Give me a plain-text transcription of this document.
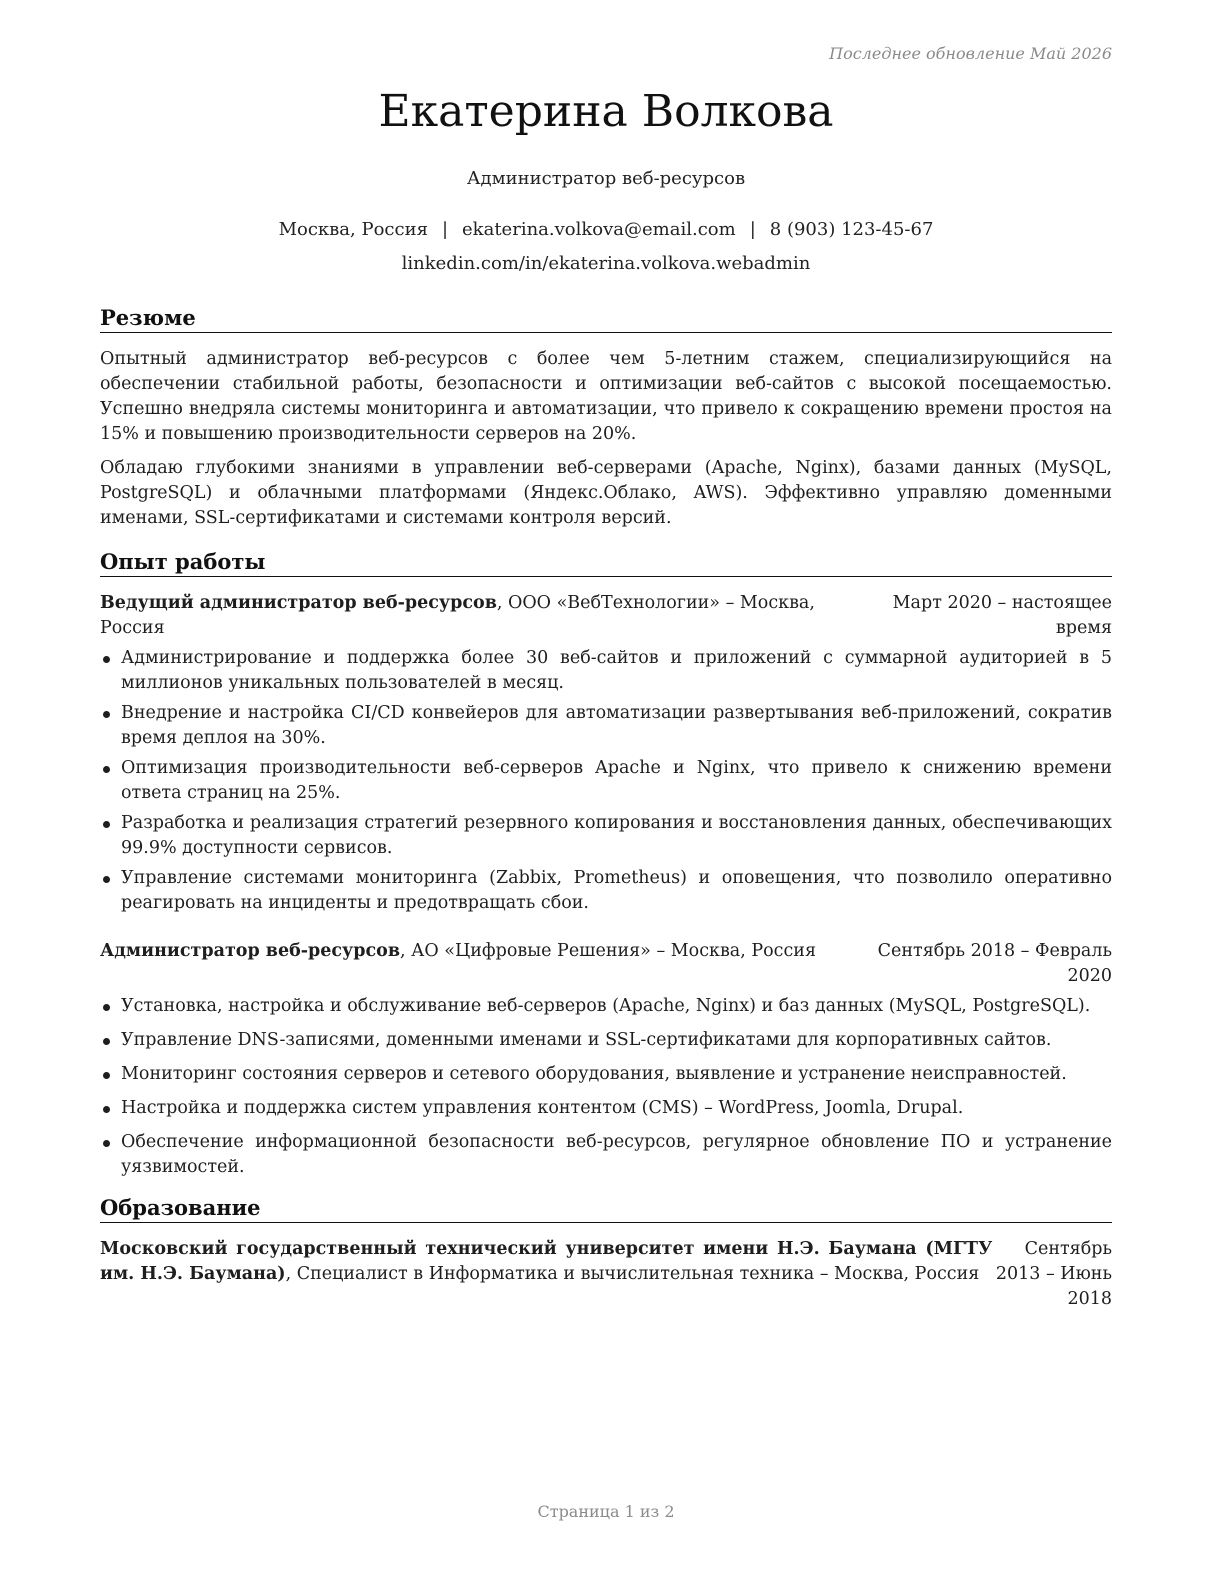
Последнее обновление Май 2026
Екатерина Волкова
Администратор веб-ресурсов
Москва, Россия | ekaterina.volkova@email.com | 8 (903) 123-45-67
linkedin.com/in/ekaterina.volkova.webadmin
Резюме

Опытный администратор веб-ресурсов с более чем 5-летним стажем, специализирующийся на обеспечении стабильной работы, безопасности и оптимизации веб-сайтов с высокой посещаемостью. Успешно внедряла системы мониторинга и автоматизации, что привело к сокращению времени простоя на 15% и повышению производительности серверов на 20%.

Обладаю глубокими знаниями в управлении веб-серверами (Apache, Nginx), базами данных (MySQL, PostgreSQL) и облачными платформами (Яндекс.Облако, AWS). Эффективно управляю доменными именами, SSL-сертификатами и системами контроля версий.

Опыт работы
Ведущий администратор веб-ресурсов, ООО «ВебТехнологии» – Москва, Россия
Март 2020 – настоящее время
Администрирование и поддержка более 30 веб-сайтов и приложений с суммарной аудиторией в 5 миллионов уникальных пользователей в месяц.
Внедрение и настройка CI/CD конвейеров для автоматизации развертывания веб-приложений, сократив время деплоя на 30%.
Оптимизация производительности веб-серверов Apache и Nginx, что привело к снижению времени ответа страниц на 25%.
Разработка и реализация стратегий резервного копирования и восстановления данных, обеспечивающих 99.9% доступности сервисов.
Управление системами мониторинга (Zabbix, Prometheus) и оповещения, что позволило оперативно реагировать на инциденты и предотвращать сбои.
Администратор веб-ресурсов, АО «Цифровые Решения» – Москва, Россия	Сентябрь 2018 – Февраль 2020
Установка, настройка и обслуживание веб-серверов (Apache, Nginx) и баз данных (MySQL, PostgreSQL).
Управление DNS-записями, доменными именами и SSL-сертификатами для корпоративных сайтов.
Мониторинг состояния серверов и сетевого оборудования, выявление и устранение неисправностей.
Настройка и поддержка систем управления контентом (CMS) – WordPress, Joomla, Drupal.
Обеспечение информационной безопасности веб-ресурсов, регулярное обновление ПО и устранение уязвимостей.
Образование
Московский государственный технический университет имени Н.Э. Баумана (МГТУ им. Н.Э. Баумана), Специалист в Информатика и вычислительная техника – Москва, Россия
Сентябрь 2013 – Июнь 2018
Страница 1 из 2
